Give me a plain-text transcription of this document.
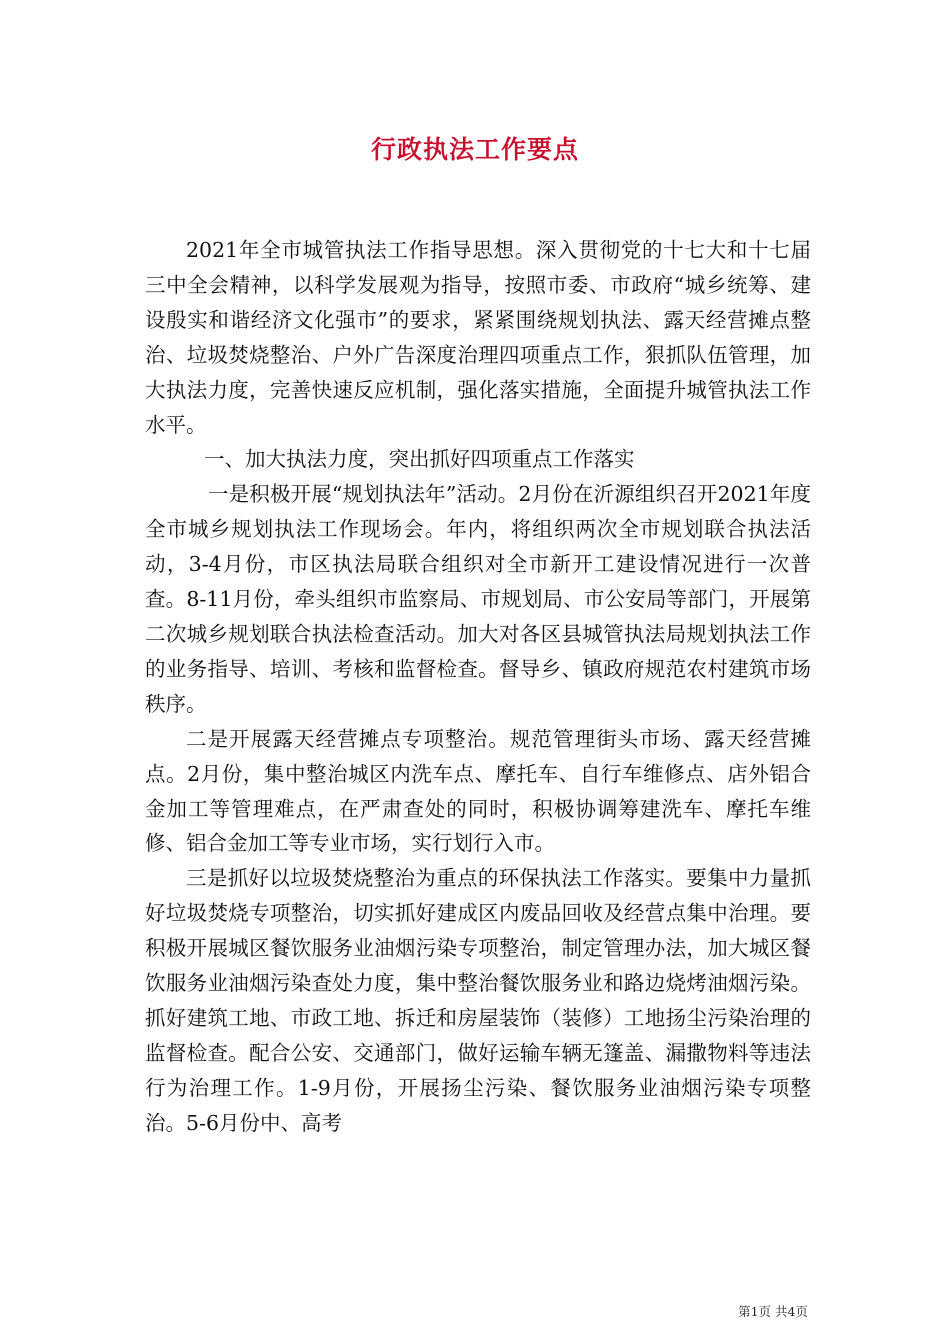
行政执法工作要点

2021年全市城管执法工作指导思想。深入贯彻党的十七大和十七届三中全会精神，以科学发展观为指导，按照市委、市政府“城乡统筹、建设殷实和谐经济文化强市”的要求，紧紧围绕规划执法、露天经营摊点整治、垃圾焚烧整治、户外广告深度治理四项重点工作，狠抓队伍管理，加大执法力度，完善快速反应机制，强化落实措施，全面提升城管执法工作水平。

一、加大执法力度，突出抓好四项重点工作落实

一是积极开展“规划执法年”活动。2月份在沂源组织召开2021年度全市城乡规划执法工作现场会。年内，将组织两次全市规划联合执法活动，3-4月份，市区执法局联合组织对全市新开工建设情况进行一次普查。8-11月份，牵头组织市监察局、市规划局、市公安局等部门，开展第二次城乡规划联合执法检查活动。加大对各区县城管执法局规划执法工作的业务指导、培训、考核和监督检查。督导乡、镇政府规范农村建筑市场秩序。

二是开展露天经营摊点专项整治。规范管理街头市场、露天经营摊点。2月份，集中整治城区内洗车点、摩托车、自行车维修点、店外铝合金加工等管理难点，在严肃查处的同时，积极协调筹建洗车、摩托车维修、铝合金加工等专业市场，实行划行入市。

三是抓好以垃圾焚烧整治为重点的环保执法工作落实。要集中力量抓好垃圾焚烧专项整治，切实抓好建成区内废品回收及经营点集中治理。要积极开展城区餐饮服务业油烟污染专项整治，制定管理办法，加大城区餐饮服务业油烟污染查处力度，集中整治餐饮服务业和路边烧烤油烟污染。抓好建筑工地、市政工地、拆迁和房屋装饰（装修）工地扬尘污染治理的监督检查。配合公安、交通部门，做好运输车辆无篷盖、漏撒物料等违法行为治理工作。1-9月份，开展扬尘污染、餐饮服务业油烟污染专项整治。5-6月份中、高考

第1页 共4页
